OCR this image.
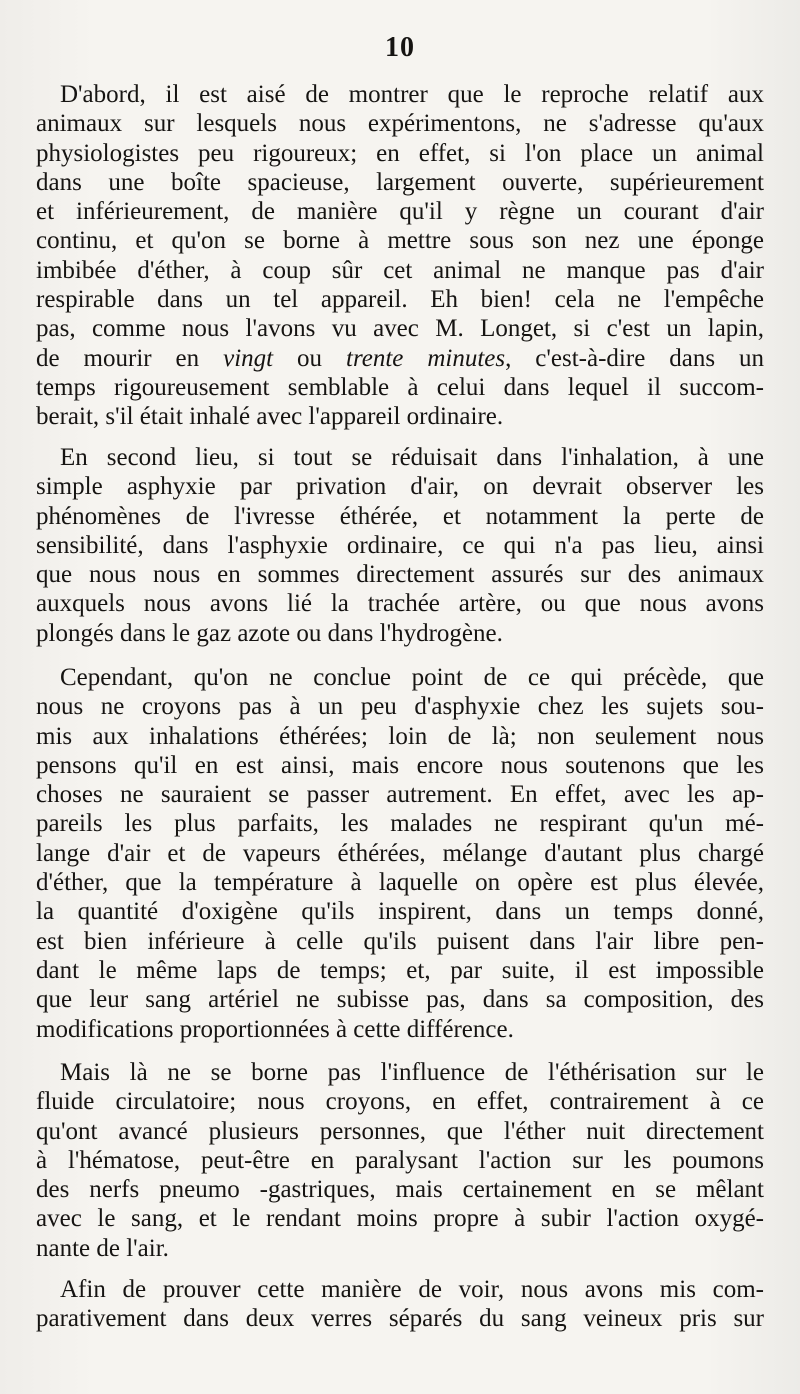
10
D'abord, il est aisé de montrer que le reproche relatif aux
animaux sur lesquels nous expérimentons, ne s'adresse qu'aux
physiologistes peu rigoureux; en effet, si l'on place un animal
dans une boîte spacieuse, largement ouverte, supérieurement
et inférieurement, de manière qu'il y règne un courant d'air
continu, et qu'on se borne à mettre sous son nez une éponge
imbibée d'éther, à coup sûr cet animal ne manque pas d'air
respirable dans un tel appareil. Eh bien! cela ne l'empêche
pas, comme nous l'avons vu avec M. Longet, si c'est un lapin,
de mourir en vingt ou trente minutes, c'est-à-dire dans un
temps rigoureusement semblable à celui dans lequel il succom-
berait, s'il était inhalé avec l'appareil ordinaire.
En second lieu, si tout se réduisait dans l'inhalation, à une
simple asphyxie par privation d'air, on devrait observer les
phénomènes de l'ivresse éthérée, et notamment la perte de
sensibilité, dans l'asphyxie ordinaire, ce qui n'a pas lieu, ainsi
que nous nous en sommes directement assurés sur des animaux
auxquels nous avons lié la trachée artère, ou que nous avons
plongés dans le gaz azote ou dans l'hydrogène.
Cependant, qu'on ne conclue point de ce qui précède, que
nous ne croyons pas à un peu d'asphyxie chez les sujets sou-
mis aux inhalations éthérées; loin de là; non seulement nous
pensons qu'il en est ainsi, mais encore nous soutenons que les
choses ne sauraient se passer autrement. En effet, avec les ap-
pareils les plus parfaits, les malades ne respirant qu'un mé-
lange d'air et de vapeurs éthérées, mélange d'autant plus chargé
d'éther, que la température à laquelle on opère est plus élevée,
la quantité d'oxigène qu'ils inspirent, dans un temps donné,
est bien inférieure à celle qu'ils puisent dans l'air libre pen-
dant le même laps de temps; et, par suite, il est impossible
que leur sang artériel ne subisse pas, dans sa composition, des
modifications proportionnées à cette différence.
Mais là ne se borne pas l'influence de l'éthérisation sur le
fluide circulatoire; nous croyons, en effet, contrairement à ce
qu'ont avancé plusieurs personnes, que l'éther nuit directement
à l'hématose, peut-être en paralysant l'action sur les poumons
des nerfs pneumo -gastriques, mais certainement en se mêlant
avec le sang, et le rendant moins propre à subir l'action oxygé-
nante de l'air.
Afin de prouver cette manière de voir, nous avons mis com-
parativement dans deux verres séparés du sang veineux pris sur
